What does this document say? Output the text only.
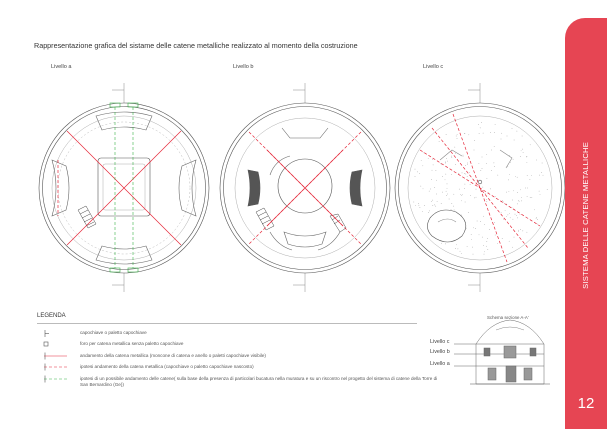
Rappresentazione grafica del sistame delle catene metalliche realizzato al momento della costruzione
Livello a	Livello b	Livello c
LEGENDA
capochiave o paletto capochiave
foro per catena metallica senza paletto capochiave
andamento della catena metallica (moncone di catena e anello o paletti capochiave visibile)
ipotesi andamento della catena metallica (capochiave o paletto capochiave nascosto)
ipotesi di un possibile andamento delle catene( sulla base della presenza di particolari bucatura nella muratura e su un riscontro nel progetto del sistema di catene della Torre di
San Bernardino (Ge))
Schema sezione A-A'
Livello c
Livello b
Livello a
SISTEMA DELLE CATENE METALLICHE
12
